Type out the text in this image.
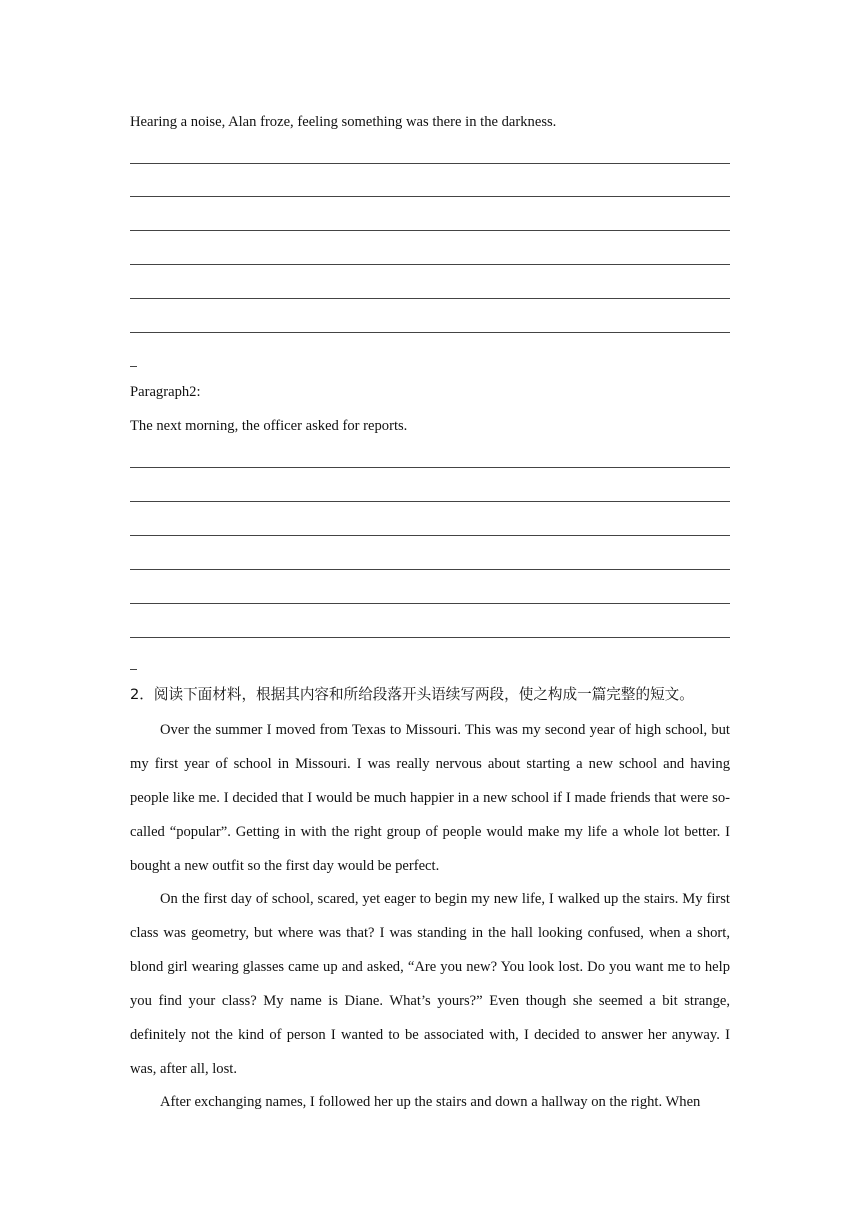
Hearing a noise, Alan froze, feeling something was there in the darkness.
Paragraph2:
The next morning, the officer asked for reports.
2．阅读下面材料，根据其内容和所给段落开头语续写两段，使之构成一篇完整的短文。

Over the summer I moved from Texas to Missouri. This was my second year of high school, but my first year of school in Missouri. I was really nervous about starting a new school and having people like me. I decided that I would be much happier in a new school if I made friends that were so-called “popular”. Getting in with the right group of people would make my life a whole lot better. I bought a new outfit so the first day would be perfect.

On the first day of school, scared, yet eager to begin my new life, I walked up the stairs. My first class was geometry, but where was that? I was standing in the hall looking confused, when a short, blond girl wearing glasses came up and asked, “Are you new? You look lost. Do you want me to help you find your class? My name is Diane. What’s yours?” Even though she seemed a bit strange, definitely not the kind of person I wanted to be associated with, I decided to answer her anyway. I was, after all, lost.

After exchanging names, I followed her up the stairs and down a hallway on the right. When
